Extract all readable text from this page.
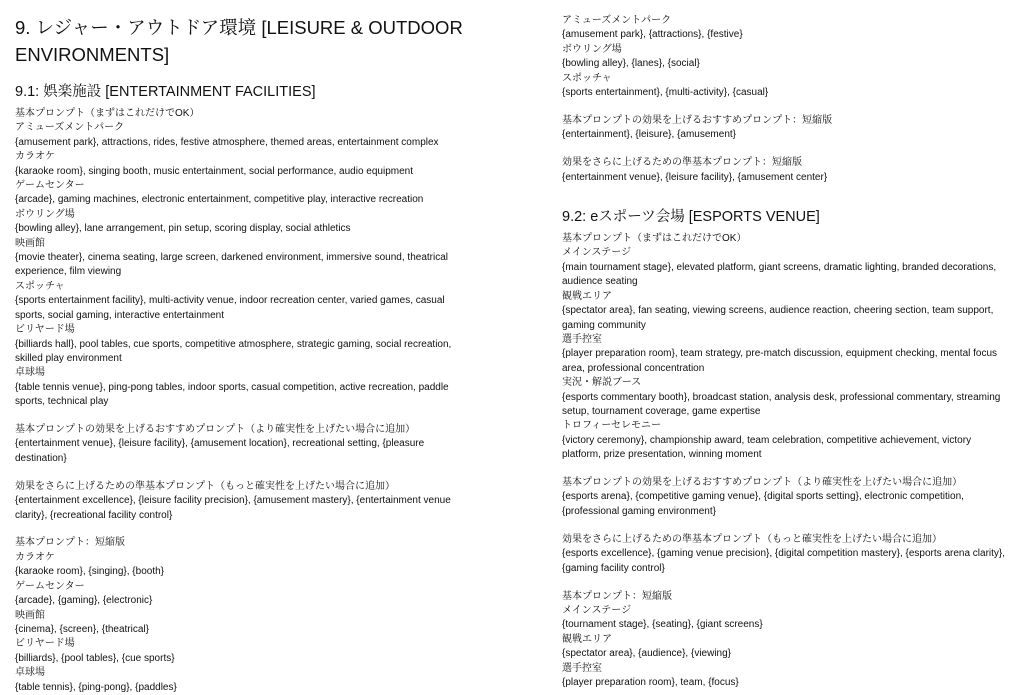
9. レジャー・アウトドア環境 [LEISURE & OUTDOOR ENVIRONMENTS]
9.1: 娯楽施設 [ENTERTAINMENT FACILITIES]
基本プロンプト（まずはこれだけでOK）
アミューズメントパーク
{amusement park}, attractions, rides, festive atmosphere, themed areas, entertainment complex
カラオケ
{karaoke room}, singing booth, music entertainment, social performance, audio equipment
ゲームセンター
{arcade}, gaming machines, electronic entertainment, competitive play, interactive recreation
ボウリング場
{bowling alley}, lane arrangement, pin setup, scoring display, social athletics
映画館
{movie theater}, cinema seating, large screen, darkened environment, immersive sound, theatrical experience, film viewing
スポッチャ
{sports entertainment facility}, multi-activity venue, indoor recreation center, varied games, casual sports, social gaming, interactive entertainment
ビリヤード場
{billiards hall}, pool tables, cue sports, competitive atmosphere, strategic gaming, social recreation, skilled play environment
卓球場
{table tennis venue}, ping-pong tables, indoor sports, casual competition, active recreation, paddle sports, technical play
基本プロンプトの効果を上げるおすすめプロンプト（より確実性を上げたい場合に追加）
{entertainment venue}, {leisure facility}, {amusement location}, recreational setting, {pleasure destination}
効果をさらに上げるための準基本プロンプト（もっと確実性を上げたい場合に追加）
{entertainment excellence}, {leisure facility precision}, {amusement mastery}, {entertainment venue clarity}, {recreational facility control}
基本プロンプト：短縮版
カラオケ
{karaoke room}, {singing}, {booth}
ゲームセンター
{arcade}, {gaming}, {electronic}
映画館
{cinema}, {screen}, {theatrical}
ビリヤード場
{billiards}, {pool tables}, {cue sports}
卓球場
{table tennis}, {ping-pong}, {paddles}
アミューズメントパーク
{amusement park}, {attractions}, {festive}
ボウリング場
{bowling alley}, {lanes}, {social}
スポッチャ
{sports entertainment}, {multi-activity}, {casual}
基本プロンプトの効果を上げるおすすめプロンプト：短縮版
{entertainment}, {leisure}, {amusement}
効果をさらに上げるための準基本プロンプト：短縮版
{entertainment venue}, {leisure facility}, {amusement center}
9.2: eスポーツ会場 [ESPORTS VENUE]
基本プロンプト（まずはこれだけでOK）
メインステージ
{main tournament stage}, elevated platform, giant screens, dramatic lighting, branded decorations, audience seating
観戦エリア
{spectator area}, fan seating, viewing screens, audience reaction, cheering section, team support, gaming community
選手控室
{player preparation room}, team strategy, pre-match discussion, equipment checking, mental focus area, professional concentration
実況・解説ブース
{esports commentary booth}, broadcast station, analysis desk, professional commentary, streaming setup, tournament coverage, game expertise
トロフィーセレモニー
{victory ceremony}, championship award, team celebration, competitive achievement, victory platform, prize presentation, winning moment
基本プロンプトの効果を上げるおすすめプロンプト（より確実性を上げたい場合に追加）
{esports arena}, {competitive gaming venue}, {digital sports setting}, electronic competition, {professional gaming environment}
効果をさらに上げるための準基本プロンプト（もっと確実性を上げたい場合に追加）
{esports excellence}, {gaming venue precision}, {digital competition mastery}, {esports arena clarity}, {gaming facility control}
基本プロンプト：短縮版
メインステージ
{tournament stage}, {seating}, {giant screens}
観戦エリア
{spectator area}, {audience}, {viewing}
選手控室
{player preparation room}, team, {focus}
